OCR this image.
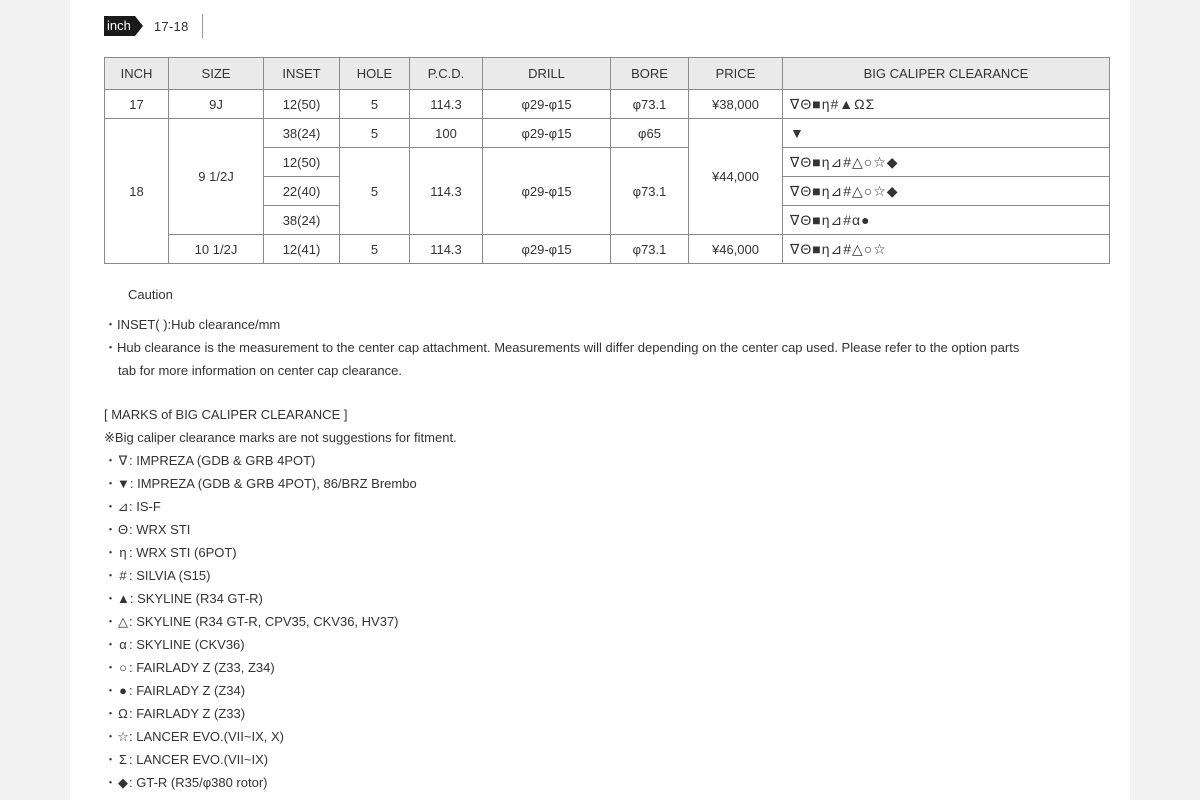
inch	17-18
INCH	SIZE	INSET	HOLE	P.C.D.	DRILL	BORE	PRICE	BIG CALIPER CLEARANCE
17	9J	12(50)	5	114.3	φ29-φ15	φ73.1	¥38,000	∇Θ■η#▲ΩΣ
18	9 1/2J	38(24)	5	100	φ29-φ15	φ65	¥44,000	▼
		12(50)	5	114.3	φ29-φ15	φ73.1		∇Θ■η⊿#△○☆◆
		22(40)						∇Θ■η⊿#△○☆◆
		38(24)						∇Θ■η⊿#α●
	10 1/2J	12(41)	5	114.3	φ29-φ15	φ73.1	¥46,000	∇Θ■η⊿#△○☆
Caution
・INSET( ):Hub clearance/mm
・Hub clearance is the measurement to the center cap attachment. Measurements will differ depending on the center cap used. Please refer to the option parts
tab for more information on center cap clearance.
[ MARKS of BIG CALIPER CLEARANCE ]
※Big caliper clearance marks are not suggestions for fitment.
・ ∇ : IMPREZA (GDB & GRB 4POT)
・▼: IMPREZA (GDB & GRB 4POT), 86/BRZ Brembo
・⊿: IS-F
・Θ: WRX STI
・ η : WRX STI (6POT)
・ # : SILVIA (S15)
・▲: SKYLINE (R34 GT-R)
・△: SKYLINE (R34 GT-R, CPV35, CKV36, HV37)
・ α : SKYLINE (CKV36)
・ ○ : FAIRLADY Z (Z33, Z34)
・ ● : FAIRLADY Z (Z34)
・Ω: FAIRLADY Z (Z33)
・☆: LANCER EVO.(VII~IX, X)
・ Σ : LANCER EVO.(VII~IX)
・◆: GT-R (R35/φ380 rotor)
